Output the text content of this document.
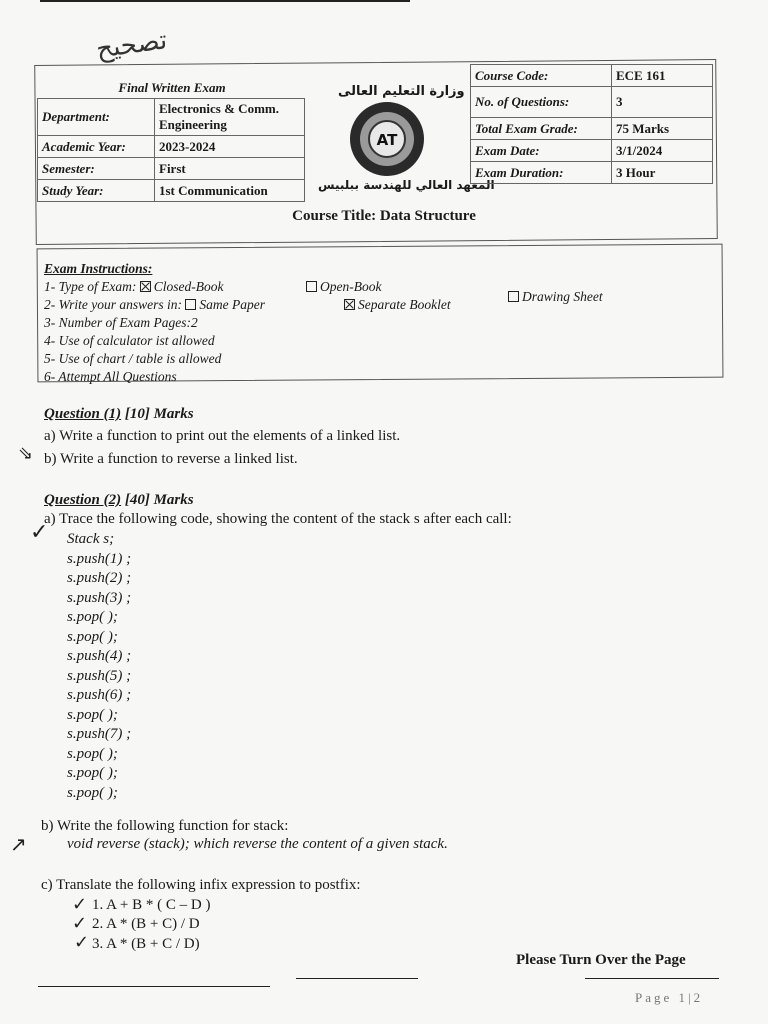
تصحيح
Final Written Exam
Department:	Electronics & Comm. Engineering
Academic Year:	2023-2024
Semester:	First
Study Year:	1st Communication
وزارة التعليم العالى
AT
المعهد العالي للهندسة ببلبيس
Course Code:	ECE 161
No. of Questions:	3
Total Exam Grade:	75 Marks
Exam Date:	3/1/2024
Exam Duration:	3 Hour
Course Title: Data Structure
Exam Instructions:
1- Type of Exam: Closed-Book	Open-Book
2- Write your answers in: Same Paper	Separate Booklet
Drawing Sheet
3- Number of Exam Pages:2
4- Use of calculator ist allowed
5- Use of chart / table is allowed
6- Attempt All Questions
Question (1) [10] Marks
a) Write a function to print out the elements of a linked list.
⇘ b) Write a function to reverse a linked list.
Question (2) [40] Marks
a) Trace the following code, showing the content of the stack s after each call:
✓ Stack s;
s.push(1) ;
s.push(2) ;
s.push(3) ;
s.pop( );
s.pop( );
s.push(4) ;
s.push(5) ;
s.push(6) ;
s.pop( );
s.push(7) ;
s.pop( );
s.pop( );
s.pop( );
↗
b) Write the following function for stack:
void reverse (stack); which reverse the content of a given stack.
c) Translate the following infix expression to postfix:
✓ 1. A + B * ( C – D )
✓ 2. A * (B + C) / D
✓ 3. A * (B + C / D)
Please Turn Over the Page
Page 1|2
